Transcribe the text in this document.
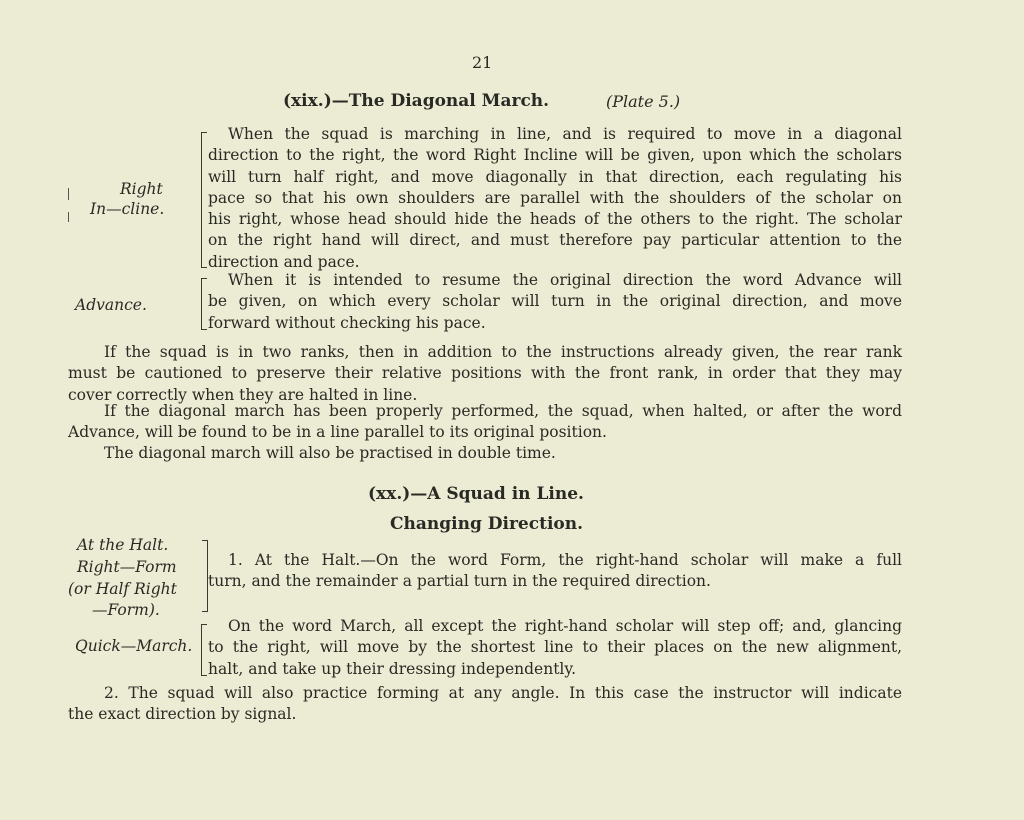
21
(xix.)—The Diagonal March.	(Plate 5.)
Right
In—cline.
When the squad is marching in line, and is required to move in a diagonal
direction to the right, the word Right Incline will be given, upon which the scholars
will turn half right, and move diagonally in that direction, each regulating his
pace so that his own shoulders are parallel with the shoulders of the scholar on
his right, whose head should hide the heads of the others to the right. The scholar
on the right hand will direct, and must therefore pay particular attention to the
direction and pace.
Advance.
When it is intended to resume the original direction the word Advance will
be given, on which every scholar will turn in the original direction, and move
forward without checking his pace.
If the squad is in two ranks, then in addition to the instructions already given, the rear rank
must be cautioned to preserve their relative positions with the front rank, in order that they may
cover correctly when they are halted in line.
If the diagonal march has been properly performed, the squad, when halted, or after the word
Advance, will be found to be in a line parallel to its original position.
The diagonal march will also be practised in double time.
(xx.)—A Squad in Line.
Changing Direction.
At the Halt.
Right—Form
(or Half Right
—Form).
1. At the Halt.—On the word Form, the right-hand scholar will make a full
turn, and the remainder a partial turn in the required direction.
Quick—March.
On the word March, all except the right-hand scholar will step off; and, glancing
to the right, will move by the shortest line to their places on the new alignment,
halt, and take up their dressing independently.
2. The squad will also practice forming at any angle. In this case the instructor will indicate
the exact direction by signal.
